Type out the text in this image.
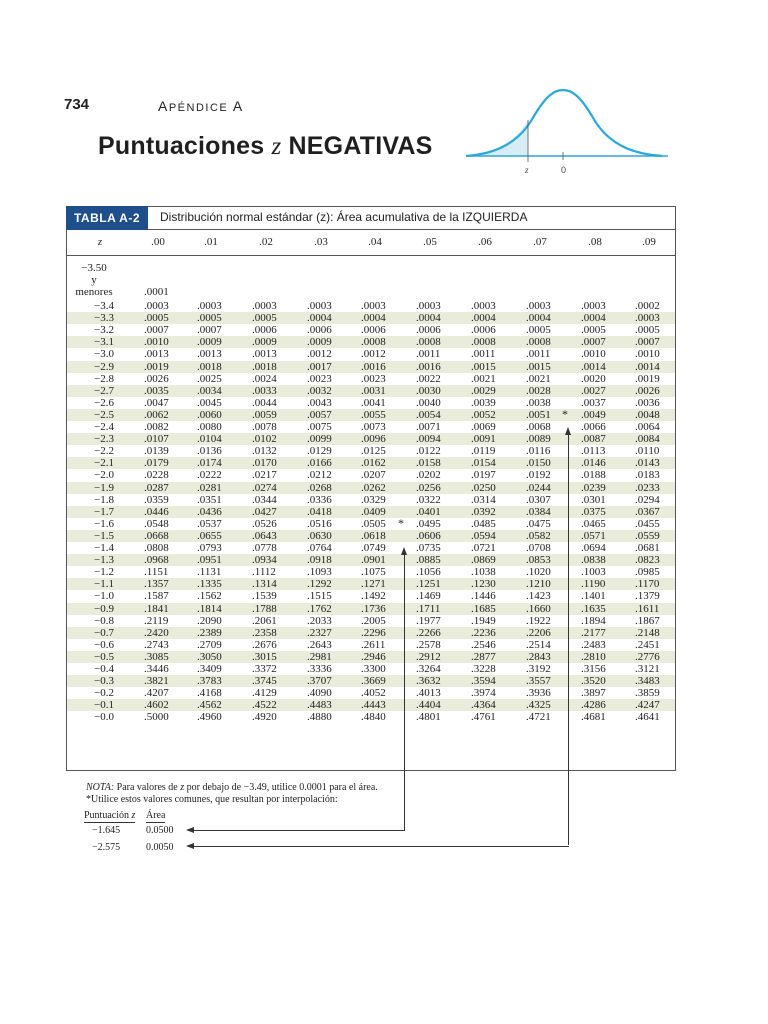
734	APÉNDICE A
Puntuaciones z NEGATIVAS
z	0
TABLA A-2	Distribución normal estándar (z): Área acumulativa de la IZQUIERDA
z	.00	.01	.02	.03	.04	.05	.06	.07	.08	.09
−3.50
y
menores	.0001
−3.4	.0003	.0003	.0003	.0003	.0003	.0003	.0003	.0003	.0003	.0002
−3.3	.0005	.0005	.0005	.0004	.0004	.0004	.0004	.0004	.0004	.0003
−3.2	.0007	.0007	.0006	.0006	.0006	.0006	.0006	.0005	.0005	.0005
−3.1	.0010	.0009	.0009	.0009	.0008	.0008	.0008	.0008	.0007	.0007
−3.0	.0013	.0013	.0013	.0012	.0012	.0011	.0011	.0011	.0010	.0010
−2.9	.0019	.0018	.0018	.0017	.0016	.0016	.0015	.0015	.0014	.0014
−2.8	.0026	.0025	.0024	.0023	.0023	.0022	.0021	.0021	.0020	.0019
−2.7	.0035	.0034	.0033	.0032	.0031	.0030	.0029	.0028	.0027	.0026
−2.6	.0047	.0045	.0044	.0043	.0041	.0040	.0039	.0038	.0037	.0036
−2.5	.0062	.0060	.0059	.0057	.0055	.0054	.0052	.0051	.0049	.0048
−2.4	.0082	.0080	.0078	.0075	.0073	.0071	.0069	.0068	.0066	.0064
−2.3	.0107	.0104	.0102	.0099	.0096	.0094	.0091	.0089	.0087	.0084
−2.2	.0139	.0136	.0132	.0129	.0125	.0122	.0119	.0116	.0113	.0110
−2.1	.0179	.0174	.0170	.0166	.0162	.0158	.0154	.0150	.0146	.0143
−2.0	.0228	.0222	.0217	.0212	.0207	.0202	.0197	.0192	.0188	.0183
−1.9	.0287	.0281	.0274	.0268	.0262	.0256	.0250	.0244	.0239	.0233
−1.8	.0359	.0351	.0344	.0336	.0329	.0322	.0314	.0307	.0301	.0294
−1.7	.0446	.0436	.0427	.0418	.0409	.0401	.0392	.0384	.0375	.0367
−1.6	.0548	.0537	.0526	.0516	.0505	.0495	.0485	.0475	.0465	.0455
−1.5	.0668	.0655	.0643	.0630	.0618	.0606	.0594	.0582	.0571	.0559
−1.4	.0808	.0793	.0778	.0764	.0749	.0735	.0721	.0708	.0694	.0681
−1.3	.0968	.0951	.0934	.0918	.0901	.0885	.0869	.0853	.0838	.0823
−1.2	.1151	.1131	.1112	.1093	.1075	.1056	.1038	.1020	.1003	.0985
−1.1	.1357	.1335	.1314	.1292	.1271	.1251	.1230	.1210	.1190	.1170
−1.0	.1587	.1562	.1539	.1515	.1492	.1469	.1446	.1423	.1401	.1379
−0.9	.1841	.1814	.1788	.1762	.1736	.1711	.1685	.1660	.1635	.1611
−0.8	.2119	.2090	.2061	.2033	.2005	.1977	.1949	.1922	.1894	.1867
−0.7	.2420	.2389	.2358	.2327	.2296	.2266	.2236	.2206	.2177	.2148
−0.6	.2743	.2709	.2676	.2643	.2611	.2578	.2546	.2514	.2483	.2451
−0.5	.3085	.3050	.3015	.2981	.2946	.2912	.2877	.2843	.2810	.2776
−0.4	.3446	.3409	.3372	.3336	.3300	.3264	.3228	.3192	.3156	.3121
−0.3	.3821	.3783	.3745	.3707	.3669	.3632	.3594	.3557	.3520	.3483
−0.2	.4207	.4168	.4129	.4090	.4052	.4013	.3974	.3936	.3897	.3859
−0.1	.4602	.4562	.4522	.4483	.4443	.4404	.4364	.4325	.4286	.4247
−0.0	.5000	.4960	.4920	.4880	.4840	.4801	.4761	.4721	.4681	.4641
*
*
NOTA: Para valores de z por debajo de −3.49, utilice 0.0001 para el área.
*Utilice estos valores comunes, que resultan por interpolación:
Puntuación z Área
−1.645	0.0500
−2.575	0.0050
